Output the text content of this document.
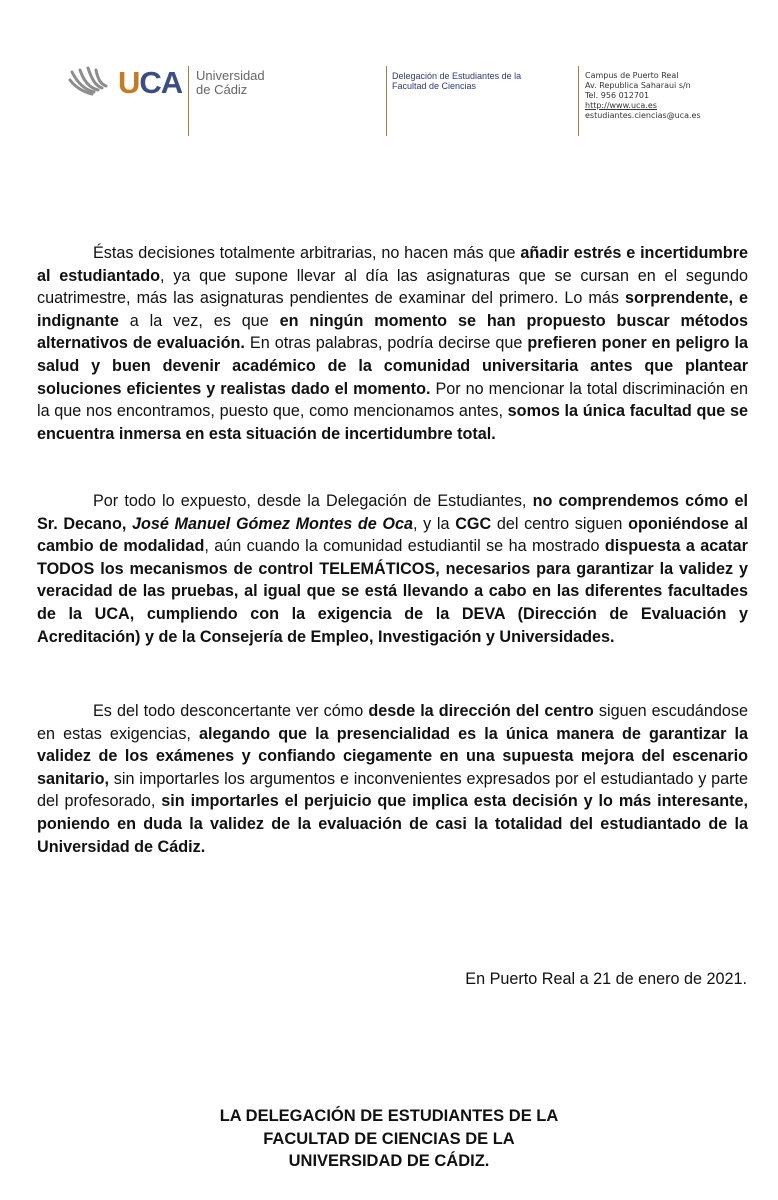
UCA Universidad
de Cádiz
Delegación de Estudiantes de la
Facultad de Ciencias
Campus de Puerto Real
Av. Republica Saharaui s/n
Tel. 956 012701
http://www.uca.es
estudiantes.ciencias@uca.es
Éstas decisiones totalmente arbitrarias, no hacen más que añadir estrés e incertidumbre al estudiantado, ya que supone llevar al día las asignaturas que se cursan en el segundo cuatrimestre, más las asignaturas pendientes de examinar del primero. Lo más sorprendente, e indignante a la vez, es que en ningún momento se han propuesto buscar métodos alternativos de evaluación. En otras palabras, podría decirse que prefieren poner en peligro la salud y buen devenir académico de la comunidad universitaria antes que plantear soluciones eficientes y realistas dado el momento. Por no mencionar la total discriminación en la que nos encontramos, puesto que, como mencionamos antes, somos la única facultad que se encuentra inmersa en esta situación de incertidumbre total.
Por todo lo expuesto, desde la Delegación de Estudiantes, no comprendemos cómo el Sr. Decano, José Manuel Gómez Montes de Oca, y la CGC del centro siguen oponiéndose al cambio de modalidad, aún cuando la comunidad estudiantil se ha mostrado dispuesta a acatar TODOS los mecanismos de control TELEMÁTICOS, necesarios para garantizar la validez y veracidad de las pruebas, al igual que se está llevando a cabo en las diferentes facultades de la UCA, cumpliendo con la exigencia de la DEVA (Dirección de Evaluación y Acreditación) y de la Consejería de Empleo, Investigación y Universidades.
Es del todo desconcertante ver cómo desde la dirección del centro siguen escudándose en estas exigencias, alegando que la presencialidad es la única manera de garantizar la validez de los exámenes y confiando ciegamente en una supuesta mejora del escenario sanitario, sin importarles los argumentos e inconvenientes expresados por el estudiantado y parte del profesorado, sin importarles el perjuicio que implica esta decisión y lo más interesante, poniendo en duda la validez de la evaluación de casi la totalidad del estudiantado de la Universidad de Cádiz.
En Puerto Real a 21 de enero de 2021.
LA DELEGACIÓN DE ESTUDIANTES DE LA
FACULTAD DE CIENCIAS DE LA
UNIVERSIDAD DE CÁDIZ.
